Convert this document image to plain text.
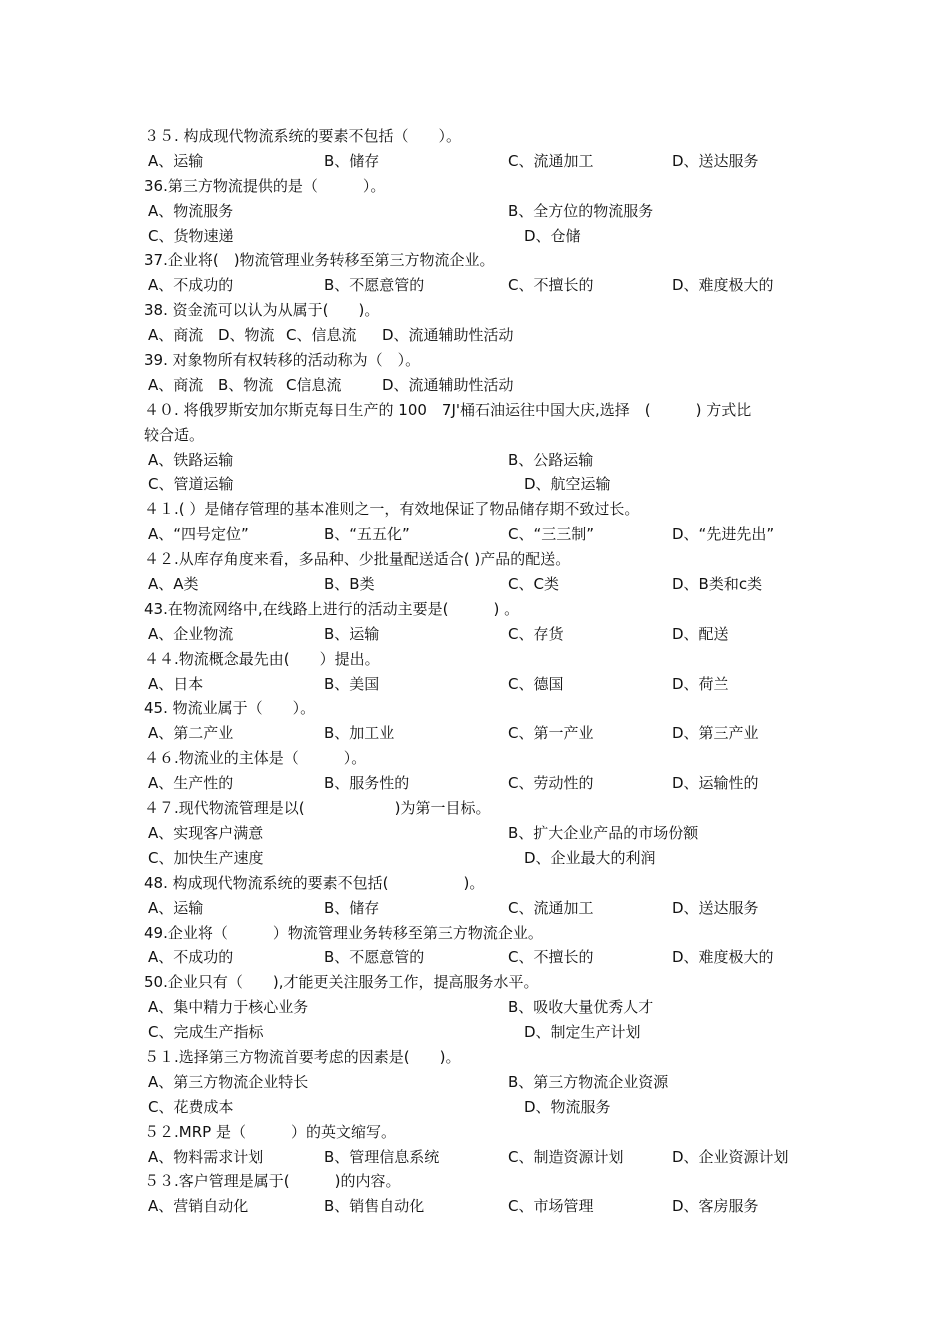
３５. 构成现代物流系统的要素不包括（　　）。
A、运输	B、储存	C、流通加工	D、送达服务
36.第三方物流提供的是（　　　）。
A、物流服务	B、全方位的物流服务
C、货物速递	D、仓储
37.企业将(　)物流管理业务转移至第三方物流企业。
A、不成功的	B、不愿意管的	C、不擅长的	D、难度极大的
38. 资金流可以认为从属于(　　)。
A、商流 D、物流 C、信息流 D、流通辅助性活动
39. 对象物所有权转移的活动称为（　）。
A、商流 B、物流 C信息流	D、流通辅助性活动
４０. 将俄罗斯安加尔斯克每日生产的 100　7J'桶石油运往中国大庆,选择　(　　　) 方式比
较合适。
A、铁路运输	B、公路运输
C、管道运输	D、航空运输
４１.( ）是储存管理的基本准则之一，有效地保证了物品储存期不致过长。
A、“四号定位”	B、“五五化”	C、“三三制”	D、“先进先出”
４２.从库存角度来看，多品种、少批量配送适合( )产品的配送。
A、A类	B、B类	C、C类	D、B类和c类
43.在物流网络中,在线路上进行的活动主要是(　　　) 。
A、企业物流	B、运输	C、存货	D、配送
４４.物流概念最先由(　　）提出。
A、日本	B、美国	C、德国	D、荷兰
45. 物流业属于（　　）。
A、第二产业	B、加工业	C、第一产业	D、第三产业
４６.物流业的主体是（　　　）。
A、生产性的	B、服务性的	C、劳动性的	D、运输性的
４７.现代物流管理是以(　　　　　　)为第一目标。
A、实现客户满意	B、扩大企业产品的市场份额
C、加快生产速度	D、企业最大的利润
48. 构成现代物流系统的要素不包括(　　　　　)。
A、运输	B、储存	C、流通加工	D、送达服务
49.企业将（　　　）物流管理业务转移至第三方物流企业。
A、不成功的	B、不愿意管的	C、不擅长的	D、难度极大的
50.企业只有（　　),才能更关注服务工作，提高服务水平。
A、集中精力于核心业务	B、吸收大量优秀人才
C、完成生产指标	D、制定生产计划
５１.选择第三方物流首要考虑的因素是(　　)。
A、第三方物流企业特长	B、第三方物流企业资源
C、花费成本	D、物流服务
５２.MRP 是（　　　）的英文缩写。
A、物料需求计划	B、管理信息系统	C、制造资源计划	D、企业资源计划
５３.客户管理是属于(　　　)的内容。
A、营销自动化	B、销售自动化	C、市场管理	D、客房服务
